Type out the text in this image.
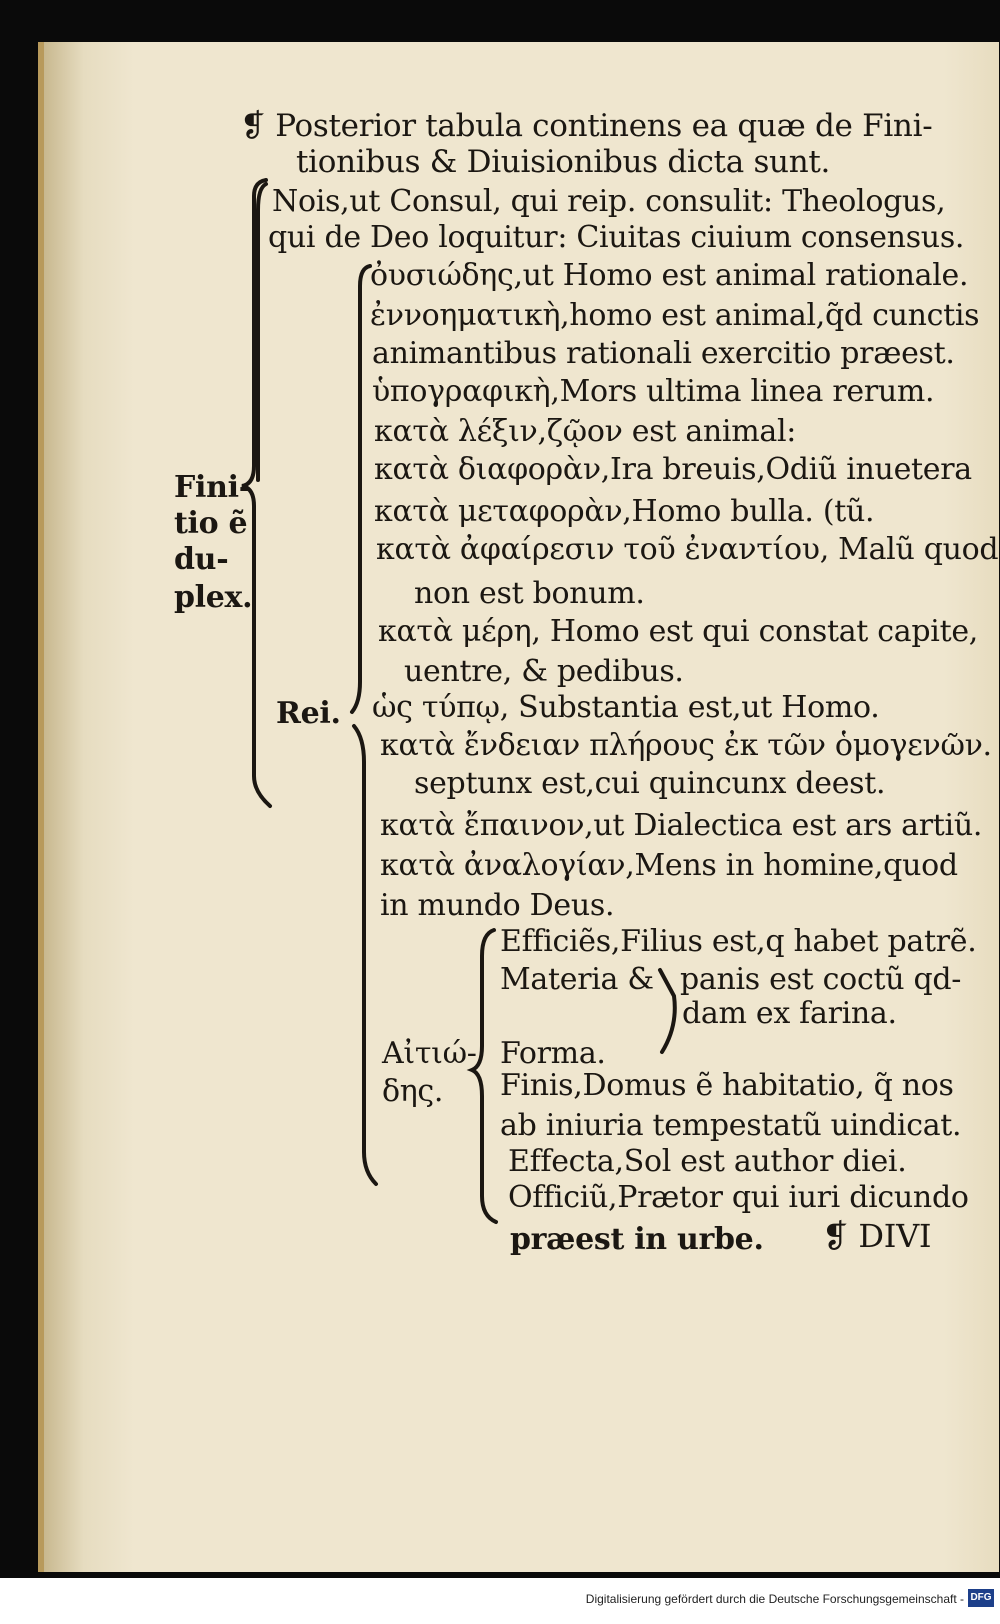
❡ Posterior tabula continens ea quæ de Fini-
tionibus & Diuisionibus dicta sunt.
Nois,ut Consul, qui reip. consulit: Theologus,
qui de Deo loquitur: Ciuitas ciuium consensus.
Fini-
tio ẽ
du-
plex.
Rei.
ὀυσιώδης,ut Homo est animal rationale.
ἐννοηματικὴ,homo est animal,q̃d cunctis
animantibus rationali exercitio præest.
ὑπογραφικὴ,Mors ultima linea rerum.
κατὰ λέξιν,ζῷον est animal:
κατὰ διαφορὰν,Ira breuis,Odiũ inuetera
κατὰ μεταφορὰν,Homo bulla. (tũ.
κατὰ ἀφαίρεσιν τοῦ ἐναντίου, Malũ quod
non est bonum.
κατὰ μέρη, Homo est qui constat capite,
uentre, & pedibus.
ὡς τύπῳ, Substantia est,ut Homo.
κατὰ ἔνδειαν πλήρους ἐκ τῶν ὁμογενῶν.
septunx est,cui quincunx deest.
κατὰ ἔπαινον,ut Dialectica est ars artiũ.
κατὰ ἀναλογίαν,Mens in homine,quod
in mundo Deus.
Αἰτιώ-
δης.
Efficiẽs,Filius est,q habet patrẽ.
Materia & panis est coctũ qd-
dam ex farina.
Forma.
Finis,Domus ẽ habitatio, q̃ nos
ab iniuria tempestatũ uindicat.
Effecta,Sol est author diei.
Officiũ,Prætor qui iuri dicundo
præest in urbe. ❡ DIVI
Digitalisierung gefördert durch die Deutsche Forschungsgemeinschaft - DFG
